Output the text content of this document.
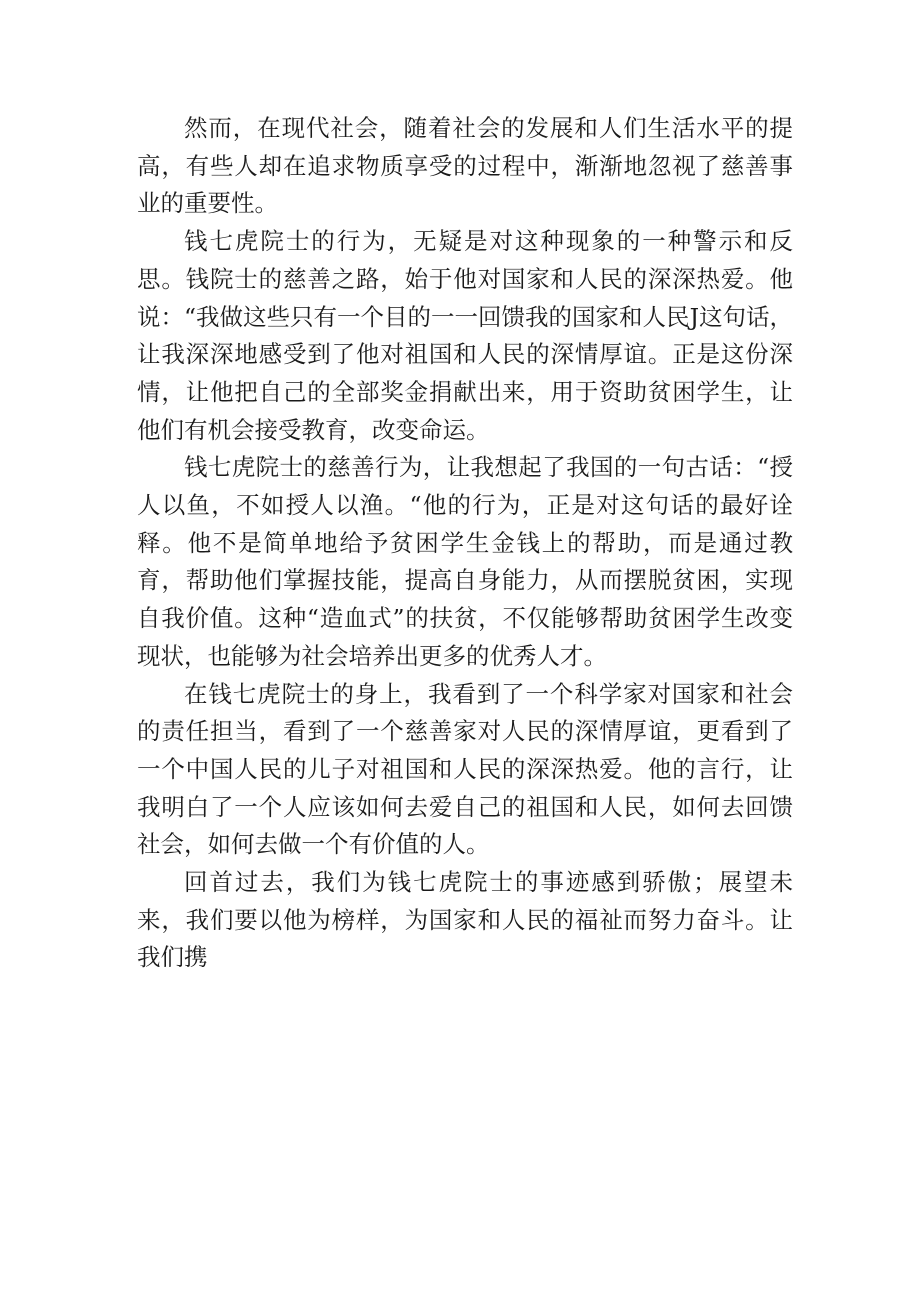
然而，在现代社会，随着社会的发展和人们生活水平的提高，有些人却在追求物质享受的过程中，渐渐地忽视了慈善事业的重要性。

钱七虎院士的行为，无疑是对这种现象的一种警示和反思。钱院士的慈善之路，始于他对国家和人民的深深热爱。他说：“我做这些只有一个目的一一回馈我的国家和人民J这句话，让我深深地感受到了他对祖国和人民的深情厚谊。正是这份深情，让他把自己的全部奖金捐献出来，用于资助贫困学生，让他们有机会接受教育，改变命运。

钱七虎院士的慈善行为，让我想起了我国的一句古话：“授人以鱼，不如授人以渔。“他的行为，正是对这句话的最好诠释。他不是简单地给予贫困学生金钱上的帮助，而是通过教育，帮助他们掌握技能，提高自身能力，从而摆脱贫困，实现自我价值。这种“造血式”的扶贫，不仅能够帮助贫困学生改变现状，也能够为社会培养出更多的优秀人才。

在钱七虎院士的身上，我看到了一个科学家对国家和社会的责任担当，看到了一个慈善家对人民的深情厚谊，更看到了一个中国人民的儿子对祖国和人民的深深热爱。他的言行，让我明白了一个人应该如何去爱自己的祖国和人民，如何去回馈社会，如何去做一个有价值的人。

回首过去，我们为钱七虎院士的事迹感到骄傲；展望未来，我们要以他为榜样，为国家和人民的福祉而努力奋斗。让我们携
